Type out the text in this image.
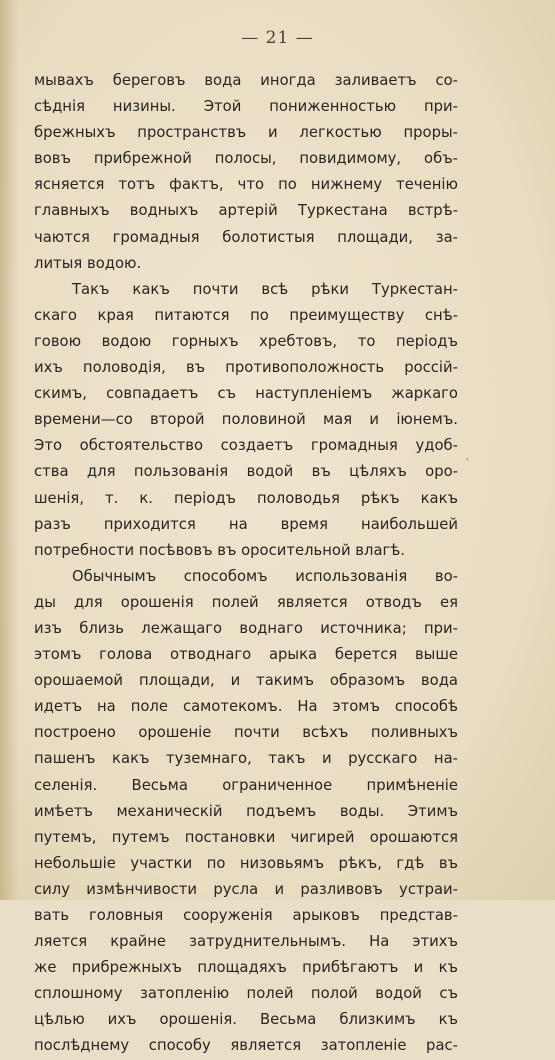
— 21 —
мывахъ береговъ вода иногда заливаетъ со-
сѣднія низины. Этой пониженностью при-
брежныхъ пространствъ и легкостью проры-
вовъ прибрежной полосы, повидимому, объ-
ясняется тотъ фактъ, что по нижнему теченію
главныхъ водныхъ артерій Туркестана встрѣ-
чаются громадныя болотистыя площади, за-
литыя водою.
Такъ какъ почти всѣ рѣки Туркестан-
скаго края питаются по преимуществу снѣ-
говою водою горныхъ хребтовъ, то періодъ
ихъ половодія, въ противоположность россій-
скимъ, совпадаетъ съ наступленіемъ жаркаго
времени—со второй половиной мая и іюнемъ.
Это обстоятельство создаетъ громадныя удоб-
ства для пользованія водой въ цѣляхъ оро-
шенія, т. к. періодъ половодья рѣкъ какъ
разъ приходится на время наибольшей
потребности посѣвовъ въ оросительной влагѣ.
Обычнымъ способомъ использованія во-
ды для орошенія полей является отводъ ея
изъ близь лежащаго воднаго источника; при-
этомъ голова отводнаго арыка берется выше
орошаемой площади, и такимъ образомъ вода
идетъ на поле самотекомъ. На этомъ способѣ
построено орошеніе почти всѣхъ поливныхъ
пашенъ какъ туземнаго, такъ и русскаго на-
селенія. Весьма ограниченное примѣненіе
имѣетъ механическій подъемъ воды. Этимъ
путемъ, путемъ постановки чигирей орошаются
небольшіе участки по низовьямъ рѣкъ, гдѣ въ
силу измѣнчивости русла и разливовъ устраи-
вать головныя сооруженія арыковъ представ-
ляется крайне затруднительнымъ. На этихъ
же прибрежныхъ площадяхъ прибѣгаютъ и къ
сплошному затопленію полей полой водой съ
цѣлью ихъ орошенія. Весьма близкимъ къ
послѣднему способу является затопленіе рас-
ˈ
